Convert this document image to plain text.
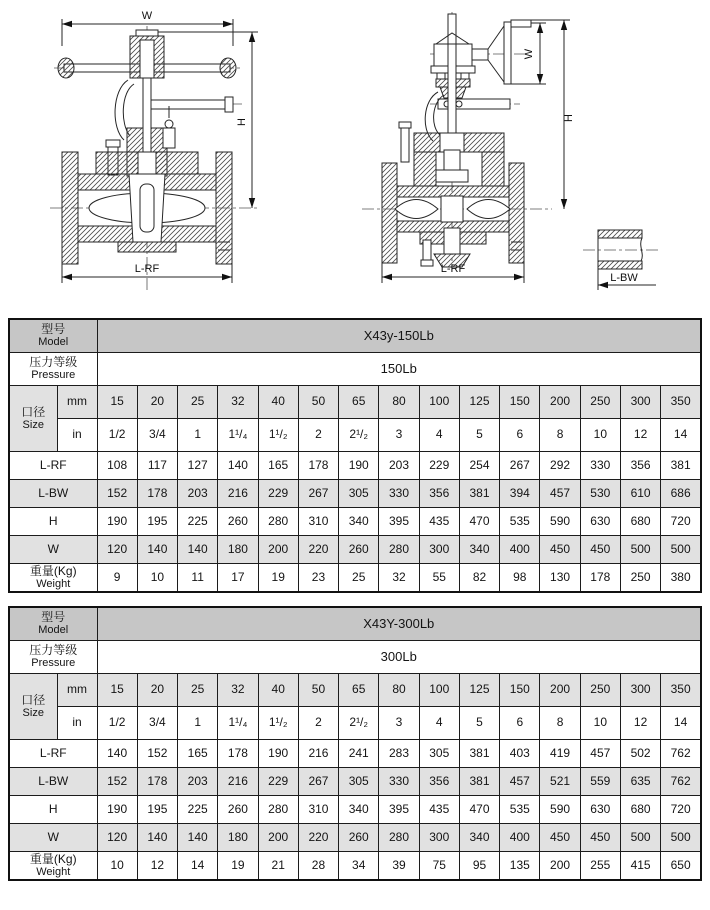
W
H
L-RF
W
H
L-RF
L-BW
型号
Model		X43y-150Lb														

压力等级
Pressure		150Lb														

口径
Size	mm	15	20	25	32	40	50	65	80	100	125	150	200	250	300	350
	in	1/2	3/4	1	1¹/₄	1¹/₂	2	2¹/₂	3	4	5	6	8	10	12	14

L-RF		108	117	127	140	165	178	190	203	229	254	267	292	330	356	381

L-BW		152	178	203	216	229	267	305	330	356	381	394	457	530	610	686

H		190	195	225	260	280	310	340	395	435	470	535	590	630	680	720

W		120	140	140	180	200	220	260	280	300	340	400	450	450	500	500

重量(Kg)
Weight		9	10	11	17	19	23	25	32	55	82	98	130	178	250	380
型号
Model		X43Y-300Lb														

压力等级
Pressure		300Lb														

口径
Size	mm	15	20	25	32	40	50	65	80	100	125	150	200	250	300	350
	in	1/2	3/4	1	1¹/₄	1¹/₂	2	2¹/₂	3	4	5	6	8	10	12	14

L-RF		140	152	165	178	190	216	241	283	305	381	403	419	457	502	762

L-BW		152	178	203	216	229	267	305	330	356	381	457	521	559	635	762

H		190	195	225	260	280	310	340	395	435	470	535	590	630	680	720

W		120	140	140	180	200	220	260	280	300	340	400	450	450	500	500

重量(Kg)
Weight		10	12	14	19	21	28	34	39	75	95	135	200	255	415	650
